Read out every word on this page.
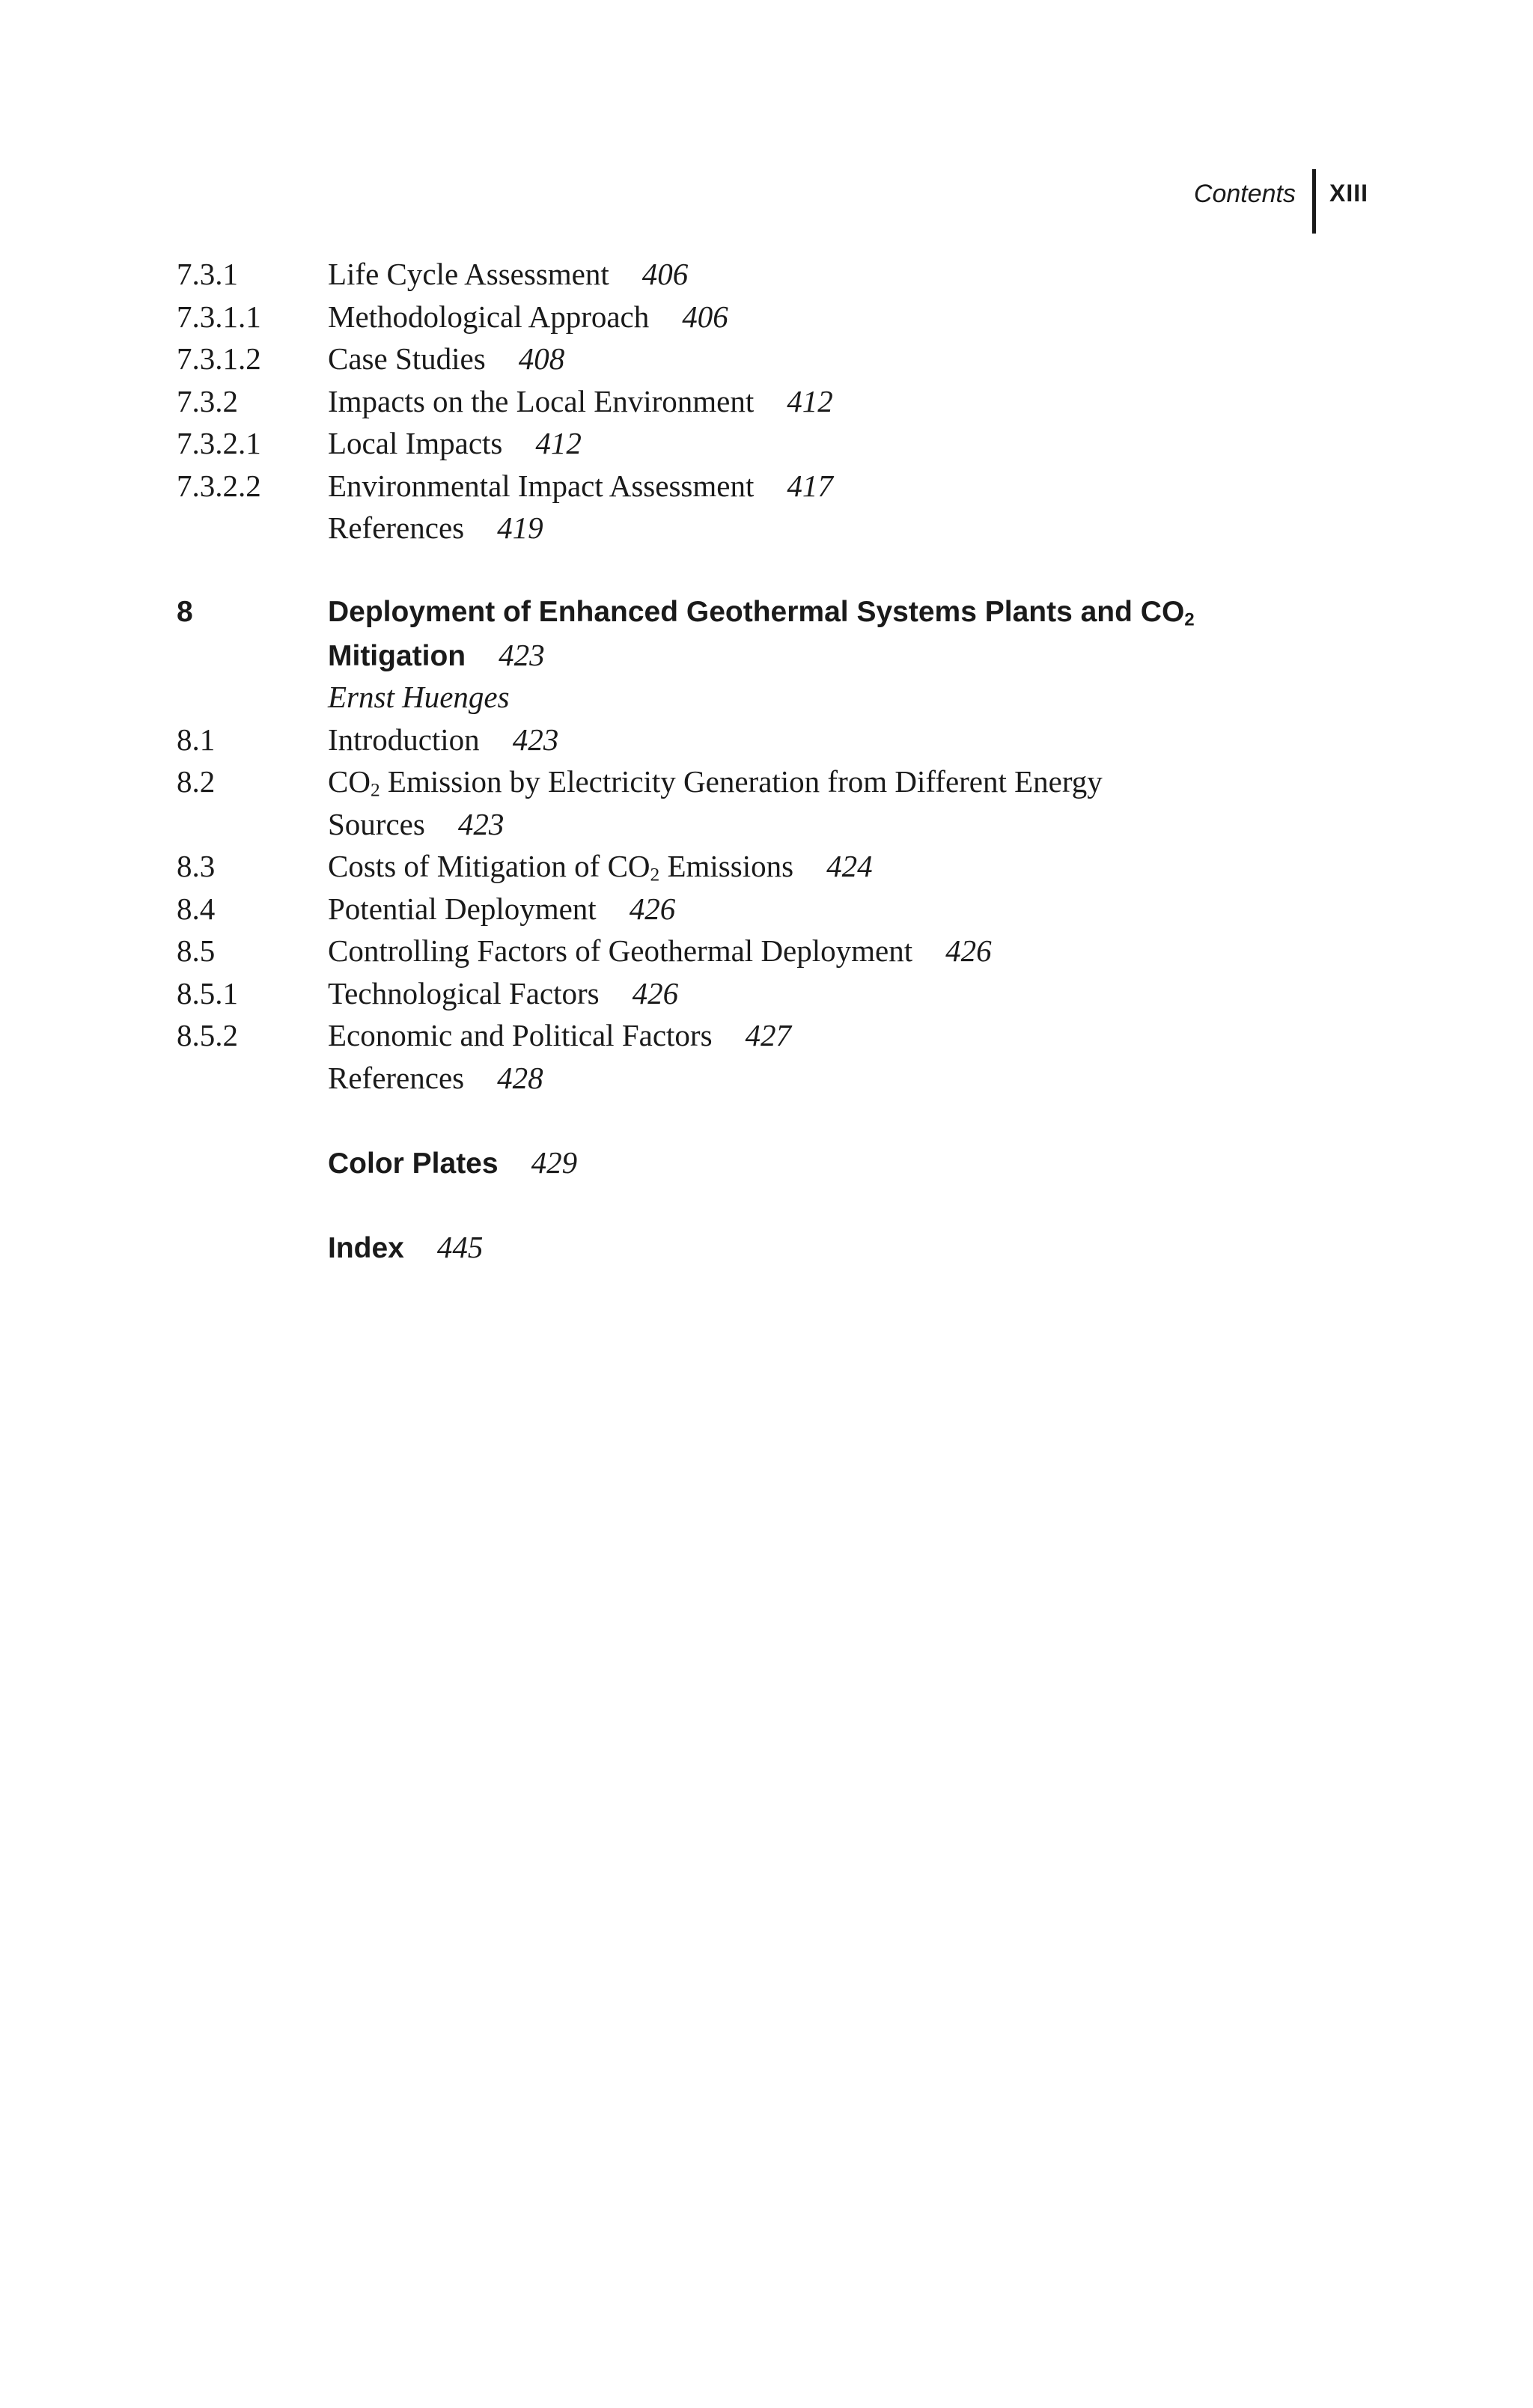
Contents XIII
7.3.1	Life Cycle Assessment 406
7.3.1.1	Methodological Approach 406
7.3.1.2	Case Studies 408
7.3.2	Impacts on the Local Environment 412
7.3.2.1	Local Impacts 412
7.3.2.2	Environmental Impact Assessment 417
References 419
8	Deployment of Enhanced Geothermal Systems Plants and $CO_2$
Mitigation 423
Ernst Huenges
8.1	Introduction 423
8.2	$CO_2$ Emission by Electricity Generation from Different Energy
Sources 423
8.3	Costs of Mitigation of $CO_2$ Emissions 424
8.4	Potential Deployment 426
8.5	Controlling Factors of Geothermal Deployment 426
8.5.1	Technological Factors 426
8.5.2	Economic and Political Factors 427
References 428
Color Plates 429
Index 445
